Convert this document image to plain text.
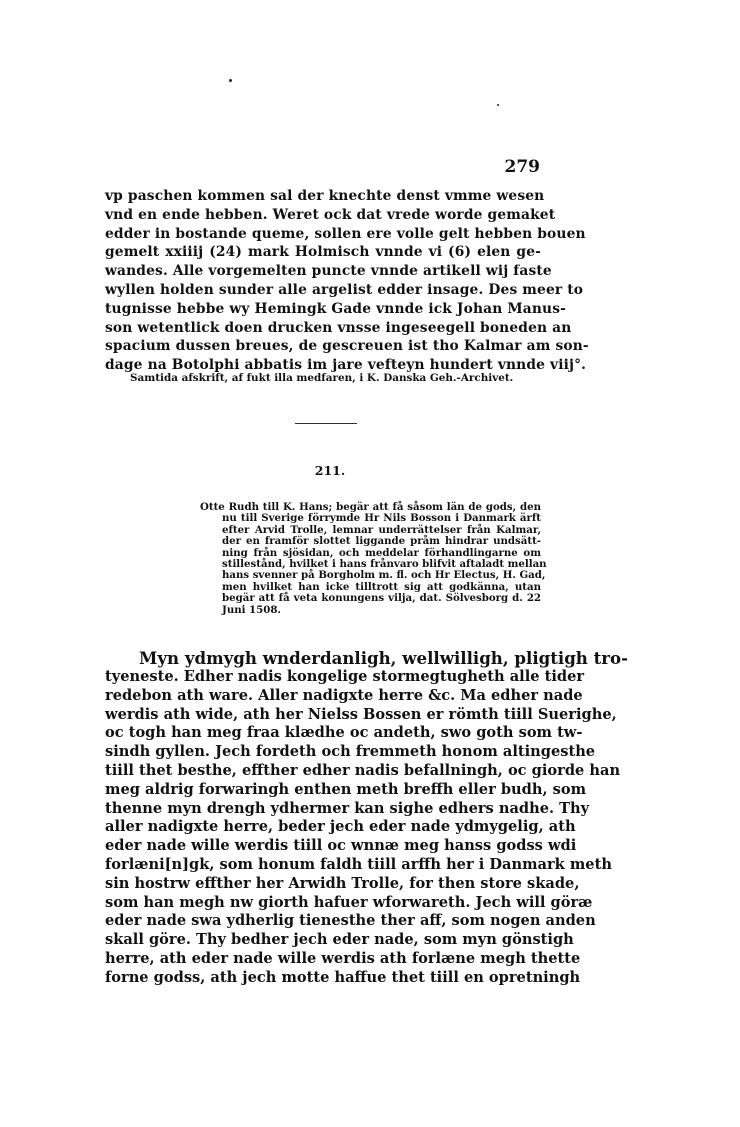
279
vp paschen kommen sal der knechte denst vmme wesen
vnd en ende hebben. Weret ock dat vrede worde gemaket
edder in bostande queme, sollen ere volle gelt hebben bouen
gemelt xxiiij (24) mark Holmisch vnnde vi (6) elen ge-
wandes. Alle vorgemelten puncte vnnde artikell wij faste
wyllen holden sunder alle argelist edder insage. Des meer to
tugnisse hebbe wy Hemingk Gade vnnde ick Johan Manus-
son wetentlick doen drucken vnsse ingeseegell boneden an
spacium dussen breues, de gescreuen ist tho Kalmar am son-
dage na Botolphi abbatis im jare vefteyn hundert vnnde viij°.
Samtida afskrift, af fukt illa medfaren, i K. Danska Geh.-Archivet.
211.
Otte Rudh till K. Hans; begär att få såsom län de gods, den
nu till Sverige förrymde Hr Nils Bosson i Danmark ärft
efter Arvid Trolle, lemnar underrättelser från Kalmar,
der en framför slottet liggande pråm hindrar undsätt-
ning från sjösidan, och meddelar förhandlingarne om
stillestånd, hvilket i hans frånvaro blifvit aftaladt mellan
hans svenner på Borgholm m. fl. och Hr Electus, H. Gad,
men hvilket han icke tilltrott sig att godkänna, utan
begär att få veta konungens vilja, dat. Sölvesborg d. 22
Juni 1508.
Myn ydmygh wnderdanligh, wellwilligh, pligtigh tro-
tyeneste. Edher nadis kongelige stormegtugheth alle tider
redebon ath ware. Aller nadigxte herre &c. Ma edher nade
werdis ath wide, ath her Nielss Bossen er römth tiill Suerighe,
oc togh han meg fraa klædhe oc andeth, swo goth som tw-
sindh gyllen. Jech fordeth och fremmeth honom altingesthe
tiill thet besthe, effther edher nadis befallningh, oc giorde han
meg aldrig forwaringh enthen meth breffh eller budh, som
thenne myn drengh ydhermer kan sighe edhers nadhe. Thy
aller nadigxte herre, beder jech eder nade ydmygelig, ath
eder nade wille werdis tiill oc wnnæ meg hanss godss wdi
forlæni[n]gk, som honum faldh tiill arffh her i Danmark meth
sin hostrw effther her Arwidh Trolle, for then store skade,
som han megh nw giorth hafuer wforwareth. Jech will göræ
eder nade swa ydherlig tienesthe ther aff, som nogen anden
skall göre. Thy bedher jech eder nade, som myn gönstigh
herre, ath eder nade wille werdis ath forlæne megh thette
forne godss, ath jech motte haffue thet tiill en opretningh
